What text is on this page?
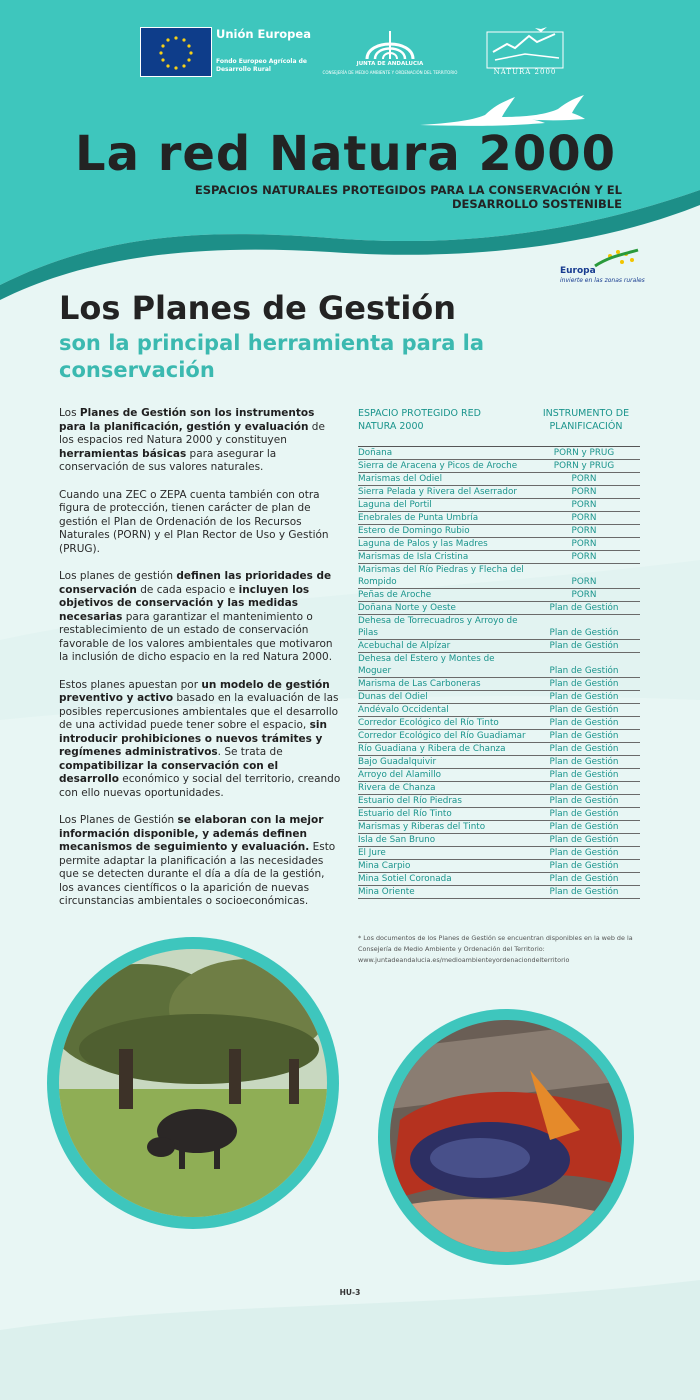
Unión Europea
Fondo Europeo Agrícola de Desarrollo Rural
JUNTA DE ANDALUCIA
CONSEJERÍA DE MEDIO AMBIENTE Y ORDENACIÓN DEL TERRITORIO	NATURA 2000
La red Natura 2000
ESPACIOS NATURALES PROTEGIDOS PARA LA CONSERVACIÓN Y EL DESARROLLO SOSTENIBLE
Europa
invierte en las zonas rurales
Los Planes de Gestión
son la principal herramienta para la conservación

Los Planes de Gestión son los instrumentos para la planificación, gestión y evaluación de los espacios red Natura 2000 y constituyen herramientas básicas para asegurar la conservación de sus valores naturales.

Cuando una ZEC o ZEPA cuenta también con otra figura de protección, tienen carácter de plan de gestión el Plan de Ordenación de los Recursos Naturales (PORN) y el Plan Rector de Uso y Gestión (PRUG).

Los planes de gestión definen las prioridades de conservación de cada espacio e incluyen los objetivos de conservación y las medidas necesarias para garantizar el mantenimiento o restablecimiento de un estado de conservación favorable de los valores ambientales que motivaron la inclusión de dicho espacio en la red Natura 2000.

Estos planes apuestan por un modelo de gestión preventivo y activo basado en la evaluación de las posibles repercusiones ambientales que el desarrollo de una actividad puede tener sobre el espacio, sin introducir prohibiciones o nuevos trámites y regímenes administrativos. Se trata de compatibilizar la conservación con el desarrollo económico y social del territorio, creando con ello nuevas oportunidades.

Los Planes de Gestión se elaboran con la mejor información disponible, y además definen mecanismos de seguimiento y evaluación. Esto permite adaptar la planificación a las necesidades que se detecten durante el día a día de la gestión, los avances científicos o la aparición de nuevas circunstancias ambientales o socioeconómicas.

ESPACIO PROTEGIDO RED NATURA 2000
INSTRUMENTO DE PLANIFICACIÓN
Doñana	PORN y PRUG
Sierra de Aracena y Picos de Aroche	PORN y PRUG
Marismas del Odiel	PORN
Sierra Pelada y Rivera del Aserrador	PORN
Laguna del Portil	PORN
Enebrales de Punta Umbría	PORN
Estero de Domingo Rubio	PORN
Laguna de Palos y las Madres	PORN
Marismas de Isla Cristina	PORN
Marismas del Río Piedras y Flecha del Rompido	PORN
Peñas de Aroche	PORN
Doñana Norte y Oeste	Plan de Gestión
Dehesa de Torrecuadros y Arroyo de Pilas	Plan de Gestión
Acebuchal de Alpízar	Plan de Gestión
Dehesa del Estero y Montes de Moguer	Plan de Gestión
Marisma de Las Carboneras	Plan de Gestión
Dunas del Odiel	Plan de Gestión
Andévalo Occidental	Plan de Gestión
Corredor Ecológico del Río Tinto	Plan de Gestión
Corredor Ecológico del Río Guadiamar	Plan de Gestión
Río Guadiana y Ribera de Chanza	Plan de Gestión
Bajo Guadalquivir	Plan de Gestión
Arroyo del Alamillo	Plan de Gestión
Rivera de Chanza	Plan de Gestión
Estuario del Río Piedras	Plan de Gestión
Estuario del Río Tinto	Plan de Gestión
Marismas y Riberas del Tinto	Plan de Gestión
Isla de San Bruno	Plan de Gestión
El Jure	Plan de Gestión
Mina Carpio	Plan de Gestión
Mina Sotiel Coronada	Plan de Gestión
Mina Oriente	Plan de Gestión
* Los documentos de los Planes de Gestión se encuentran disponibles en la web de la Consejería de Medio Ambiente y Ordenación del Territorio: www.juntadeandalucia.es/medioambienteyordenaciondelterritorio
HU-3
